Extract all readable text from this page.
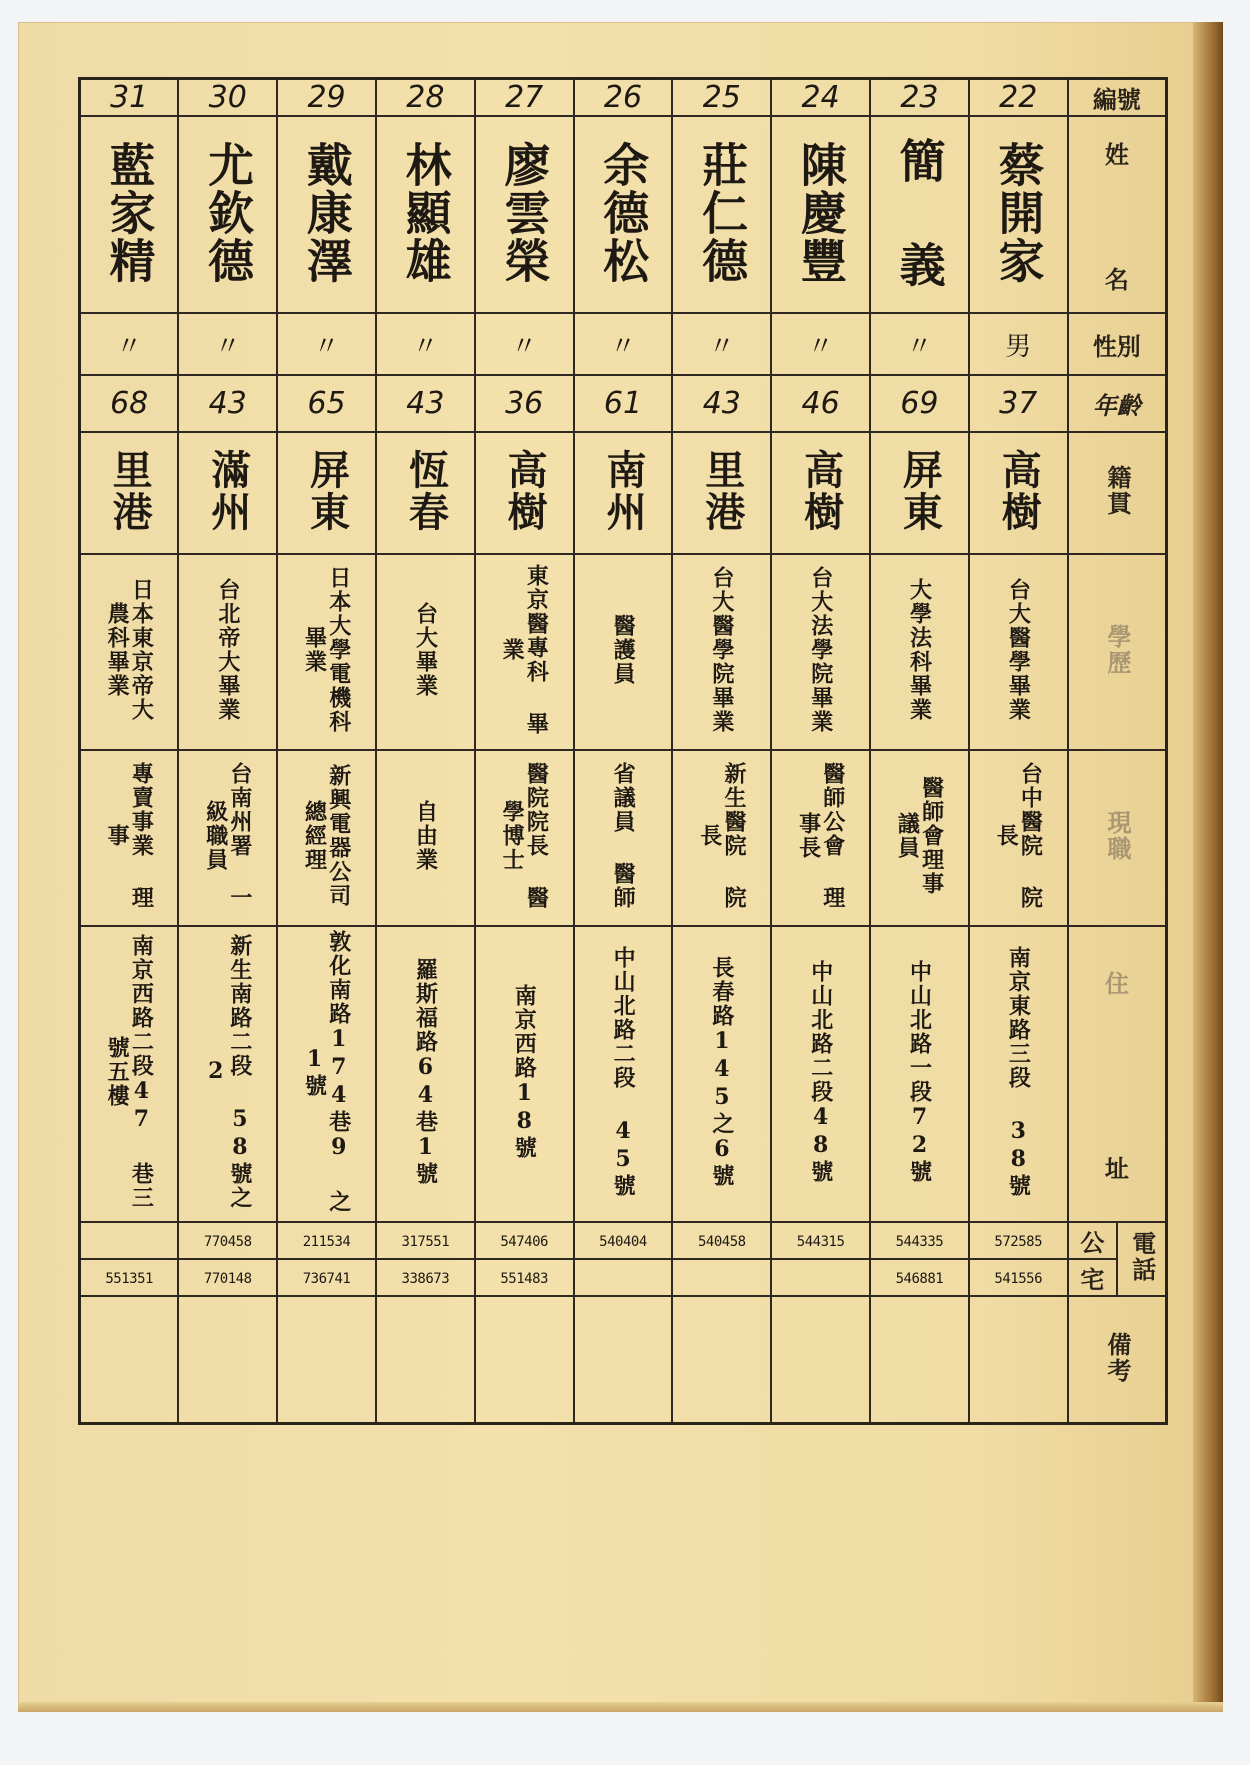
31	30	29	28	27	26	25	24	23	22	編號	
藍家精	尤欽德	戴康澤	林顯雄	廖雲榮	余德松	莊仁德	陳慶豐	簡 義	蔡開家	姓
名	

〃	〃	〃	〃	〃	〃	〃	〃	〃	男	性別	
68	43	65	43	36	61	43	46	69	37	年齡	
里港	滿州	屏東	恆春	高樹	南州	里港	高樹	屏東	高樹	籍貫	
日本東京帝大 農科畢業	台北帝大畢業	日本大學電機科畢業	台大畢業	東京醫專科 畢業	醫護員	台大醫學院畢業	台大法學院畢業	大學法科畢業	台大醫學畢業	學歷	
專賣事業 理事	台南州署 一級職員	新興電器公司 總經理	自由業	醫院院長 醫學博士	省議員 醫師	新生醫院 院長	醫師公會 理事長	醫師會理事 議員	台中醫院 院長	現職	
南京西路二段47 巷三號五樓	新生南路二段 58號之2	敦化南路174巷9 之1號	羅斯福路64巷1號	南京西路18號	中山北路二段 45號	長春路145之6號	中山北路二段48號	中山北路一段72號	南京東路三段 38號	住
址	

	770458	211534	317551	547406	540404	540458	544315	544335	572585	公	電話
551351	770148	736741	338673	551483				546881	541556	宅	
										備考	
